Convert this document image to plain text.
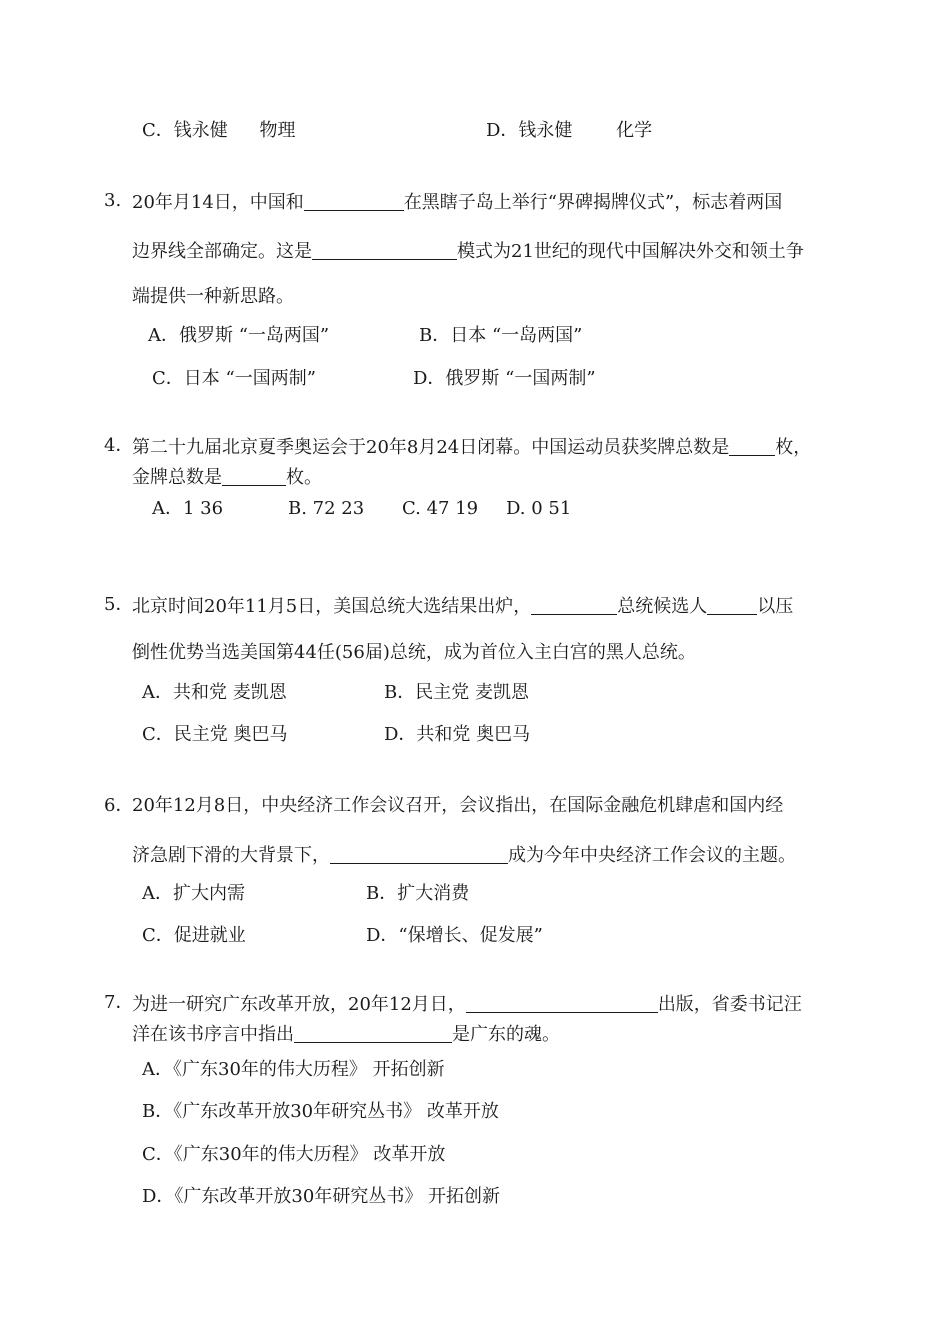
C．钱永健 物理	D．钱永健 化学
3. 20年月14日，中国和	在黑瞎子岛上举行“界碑揭牌仪式”，标志着两国
边界线全部确定。这是	模式为21世纪的现代中国解决外交和领土争
端提供一种新思路。
A．俄罗斯 “一岛两国”	B．日本 “一岛两国”
C．日本 “一国两制”	D．俄罗斯 “一国两制”
4．
第二十九届北京夏季奥运会于20年8月24日闭幕。中国运动员获奖牌总数是	枚，
金牌总数是	枚。
A．1 36	B. 72 23 C. 47 19 D. 0 51
5．
北京时间20年11月5日，美国总统大选结果出炉，	总统候选人	以压
倒性优势当选美国第44任(56届)总统，成为首位入主白宫的黑人总统。
A．共和党 麦凯恩	B．民主党 麦凯恩
C．民主党 奥巴马	D．共和党 奥巴马
6．
20年12月8日，中央经济工作会议召开，会议指出，在国际金融危机肆虐和国内经
济急剧下滑的大背景下，	成为今年中央经济工作会议的主题。
A．扩大内需	B．扩大消费
C．促进就业	D．“保增长、促发展”
7．
为进一研究广东改革开放，20年12月日，	出版，省委书记汪
洋在该书序言中指出	是广东的魂。
A．《广东30年的伟大历程》 开拓创新
B．《广东改革开放30年研究丛书》 改革开放
C．《广东30年的伟大历程》 改革开放
D．《广东改革开放30年研究丛书》 开拓创新
